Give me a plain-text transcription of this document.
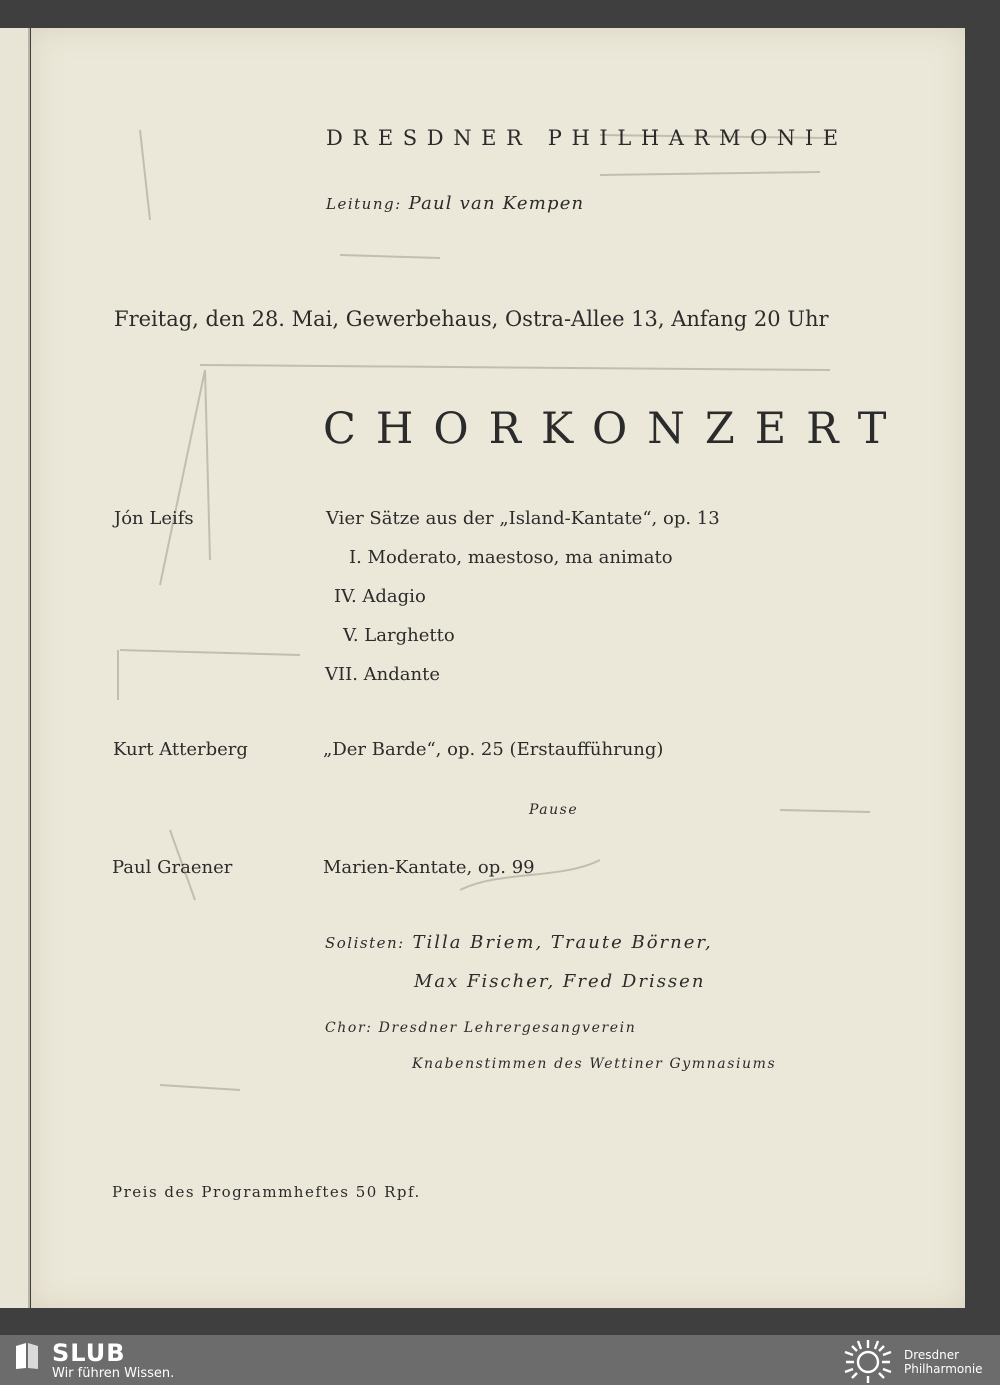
DRESDNER PHILHARMONIE
Leitung: Paul van Kempen
Freitag, den 28. Mai, Gewerbehaus, Ostra-Allee 13, Anfang 20 Uhr
CHORKONZERT
Jón Leifs	Vier Sätze aus der „Island-Kantate“, op. 13
I. Moderato, maestoso, ma animato
IV. Adagio
V. Larghetto
VII. Andante
Kurt Atterberg	„Der Barde“, op. 25 (Erstaufführung)
Pause
Paul Graener	Marien-Kantate, op. 99
Solisten: Tilla Briem, Traute Börner,
Max Fischer, Fred Drissen
Chor: Dresdner Lehrergesangverein
Knabenstimmen des Wettiner Gymnasiums
Preis des Programmheftes 50 Rpf.
SLUB
Wir führen Wissen.
Dresdner
Philharmonie
